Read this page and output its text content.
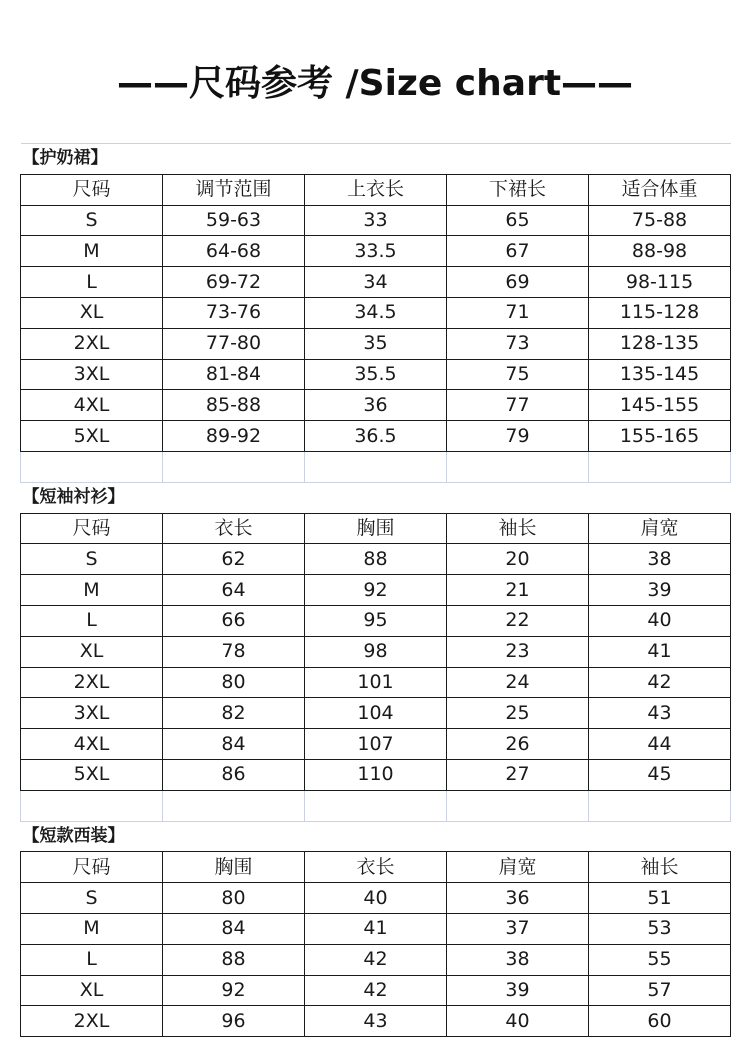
——尺码参考 /Size chart——
【护奶裙】				
尺码	调节范围	上衣长	下裙长	适合体重
S	59-63	33	65	75-88
M	64-68	33.5	67	88-98
L	69-72	34	69	98-115
XL	73-76	34.5	71	115-128
2XL	77-80	35	73	128-135
3XL	81-84	35.5	75	135-145
4XL	85-88	36	77	145-155
5XL	89-92	36.5	79	155-165

【短袖衬衫】				
尺码	衣长	胸围	袖长	肩宽
S	62	88	20	38
M	64	92	21	39
L	66	95	22	40
XL	78	98	23	41
2XL	80	101	24	42
3XL	82	104	25	43
4XL	84	107	26	44
5XL	86	110	27	45

【短款西装】				
尺码	胸围	衣长	肩宽	袖长
S	80	40	36	51
M	84	41	37	53
L	88	42	38	55
XL	92	42	39	57
2XL	96	43	40	60
